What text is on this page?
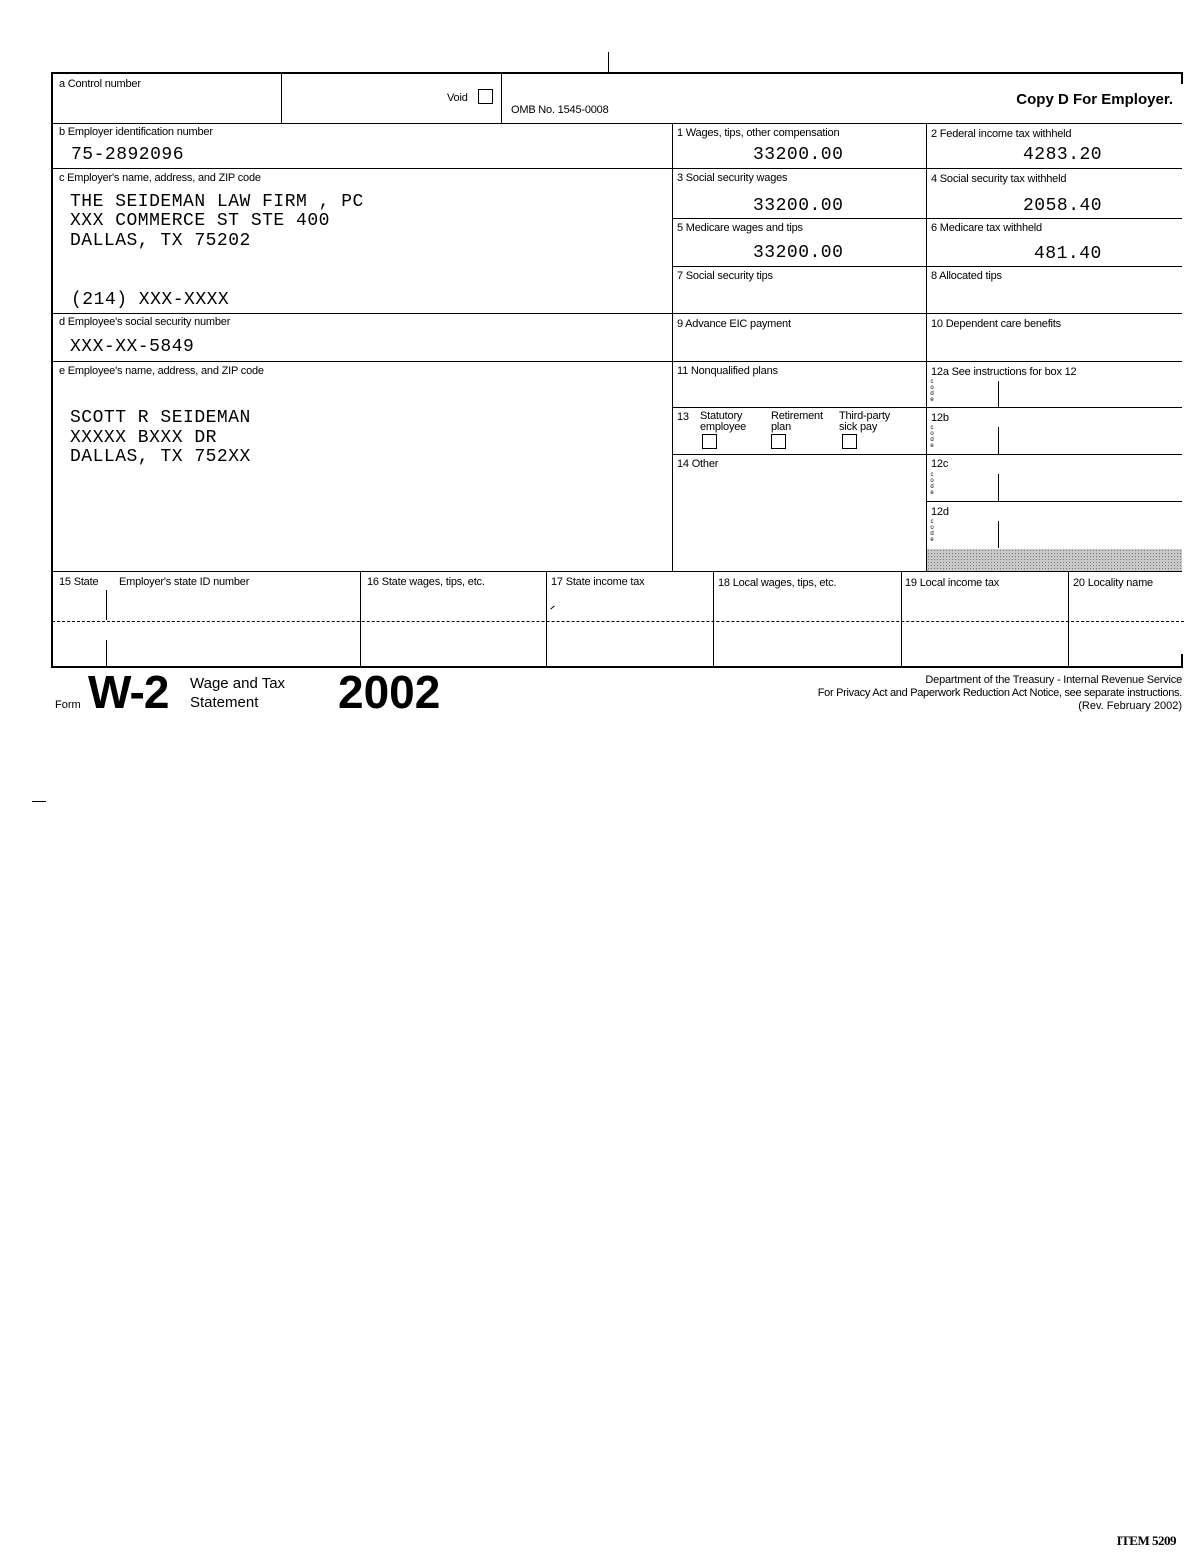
a Control number
Void
OMB No. 1545-0008
Copy D For Employer.
b Employer identification number
75-2892096
c Employer's name, address, and ZIP code
THE SEIDEMAN LAW FIRM , PC
XXX COMMERCE ST STE 400
DALLAS, TX 75202
(214) XXX-XXXX
d Employee's social security number
XXX-XX-5849
e Employee's name, address, and ZIP code
SCOTT R SEIDEMAN
XXXXX BXXX DR
DALLAS, TX 752XX
1 Wages, tips, other compensation
33200.00
2 Federal income tax withheld
4283.20
3 Social security wages
33200.00
4 Social security tax withheld
2058.40
5 Medicare wages and tips
33200.00
6 Medicare tax withheld
481.40
7 Social security tips	8 Allocated tips
9 Advance EIC payment	10 Dependent care benefits
11 Nonqualified plans	12a See instructions for box 12
c
o
d
e
13 Statutory
employee
Retirement
plan
Third-party
sick pay
12b
c
o
d
e
14 Other	12c
c
o
d
e
12d
c
o
d
e
15 State Employer's state ID number	16 State wages, tips, etc.	17 State income tax	18 Local wages, tips, etc.	19 Local income tax	20 Locality name
Form W-2 Wage and Tax
Statement 2002	Department of the Treasury - Internal Revenue Service
For Privacy Act and Paperwork Reduction Act Notice, see separate instructions.
(Rev. February 2002)
ITEM 5209
